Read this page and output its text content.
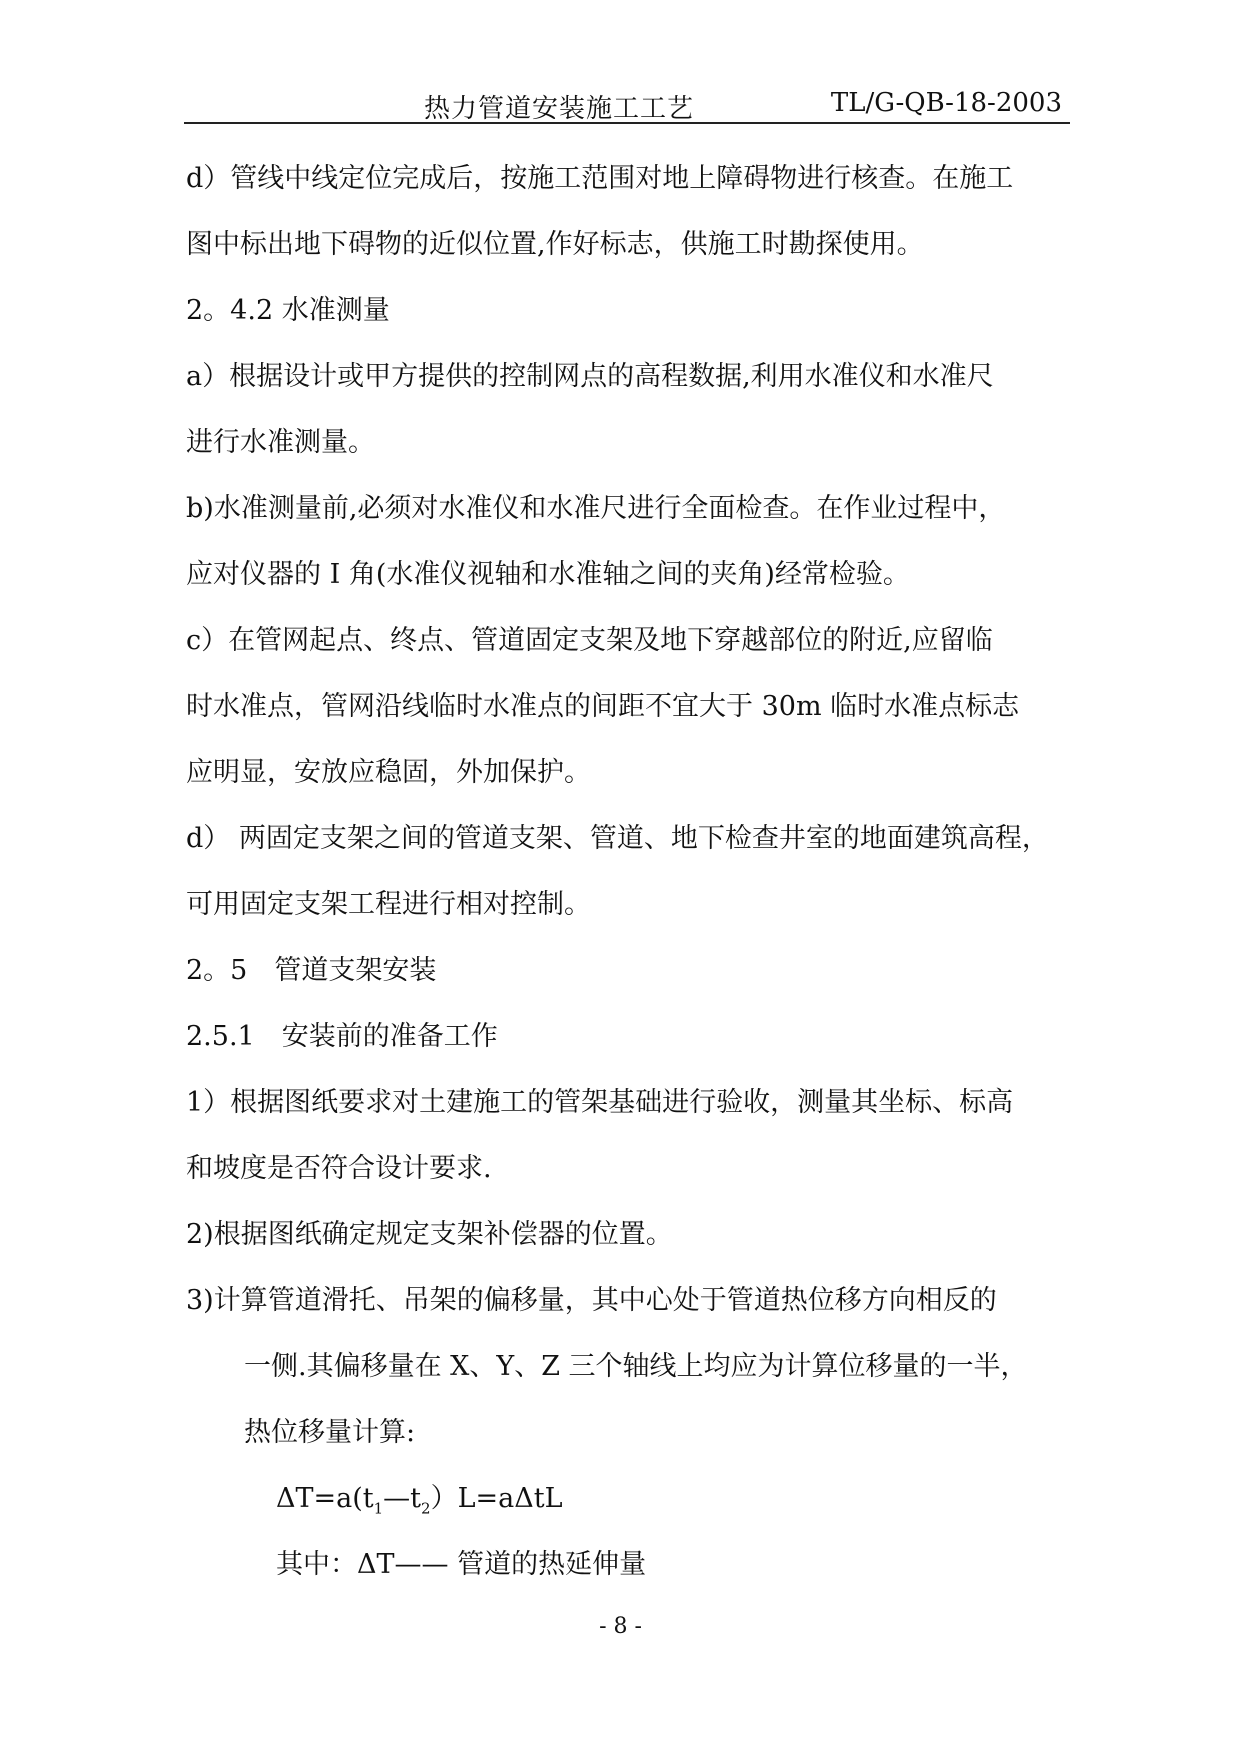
热力管道安装施工工艺	TL/G-QB-18-2003
d）管线中线定位完成后，按施工范围对地上障碍物进行核查。在施工
图中标出地下碍物的近似位置,作好标志，供施工时勘探使用。
2。4.2 水准测量
a）根据设计或甲方提供的控制网点的高程数据,利用水准仪和水准尺
进行水准测量。
b)水准测量前,必须对水准仪和水准尺进行全面检查。在作业过程中，
应对仪器的 I 角(水准仪视轴和水准轴之间的夹角)经常检验。
c）在管网起点、终点、管道固定支架及地下穿越部位的附近,应留临
时水准点，管网沿线临时水准点的间距不宜大于 30m 临时水准点标志
应明显，安放应稳固，外加保护。
d） 两固定支架之间的管道支架、管道、地下检查井室的地面建筑高程，
可用固定支架工程进行相对控制。
2。5　管道支架安装
2.5.1　安装前的准备工作
1）根据图纸要求对土建施工的管架基础进行验收，测量其坐标、标高
和坡度是否符合设计要求.
2)根据图纸确定规定支架补偿器的位置。
3)计算管道滑托、吊架的偏移量，其中心处于管道热位移方向相反的
一侧.其偏移量在 X、Y、Z 三个轴线上均应为计算位移量的一半，
热位移量计算:
$\Delta T=a(t_1—t_2)L=a\Delta tL$
其中：ΔT—— 管道的热延伸量
- 8 -
